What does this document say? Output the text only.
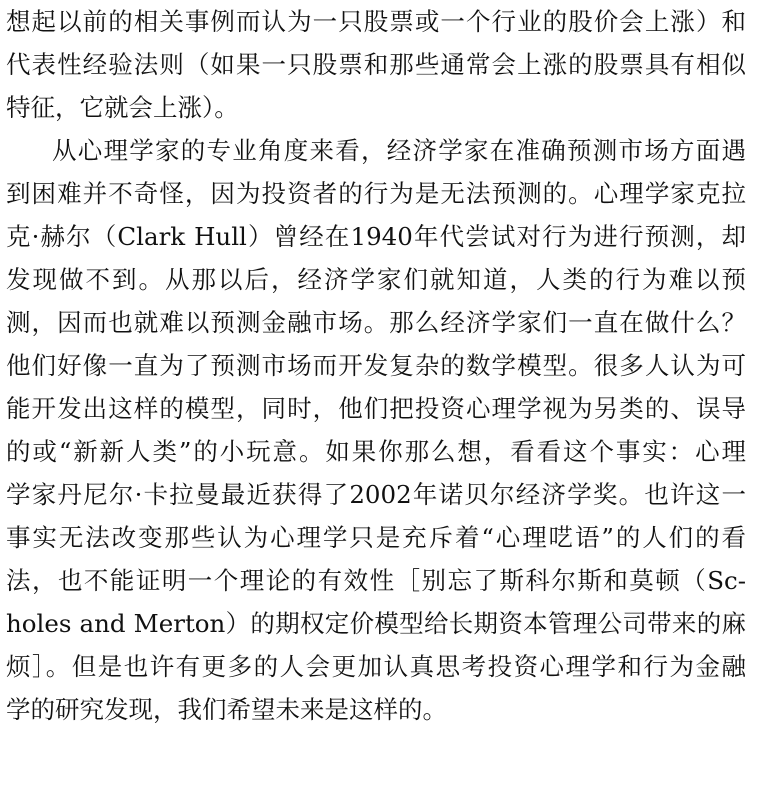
想起以前的相关事例而认为一只股票或一个行业的股价会上涨）和
代表性经验法则（如果一只股票和那些通常会上涨的股票具有相似
特征，它就会上涨）。
从心理学家的专业角度来看，经济学家在准确预测市场方面遇
到困难并不奇怪，因为投资者的行为是无法预测的。心理学家克拉
克·赫尔（Clark Hull）曾经在1940年代尝试对行为进行预测，却
发现做不到。从那以后，经济学家们就知道，人类的行为难以预
测，因而也就难以预测金融市场。那么经济学家们一直在做什么？
他们好像一直为了预测市场而开发复杂的数学模型。很多人认为可
能开发出这样的模型，同时，他们把投资心理学视为另类的、误导
的或“新新人类”的小玩意。如果你那么想，看看这个事实：心理
学家丹尼尔·卡拉曼最近获得了2002年诺贝尔经济学奖。也许这一
事实无法改变那些认为心理学只是充斥着“心理呓语”的人们的看
法，也不能证明一个理论的有效性［别忘了斯科尔斯和莫顿（Sc-
holes and Merton）的期权定价模型给长期资本管理公司带来的麻
烦］。但是也许有更多的人会更加认真思考投资心理学和行为金融
学的研究发现，我们希望未来是这样的。
